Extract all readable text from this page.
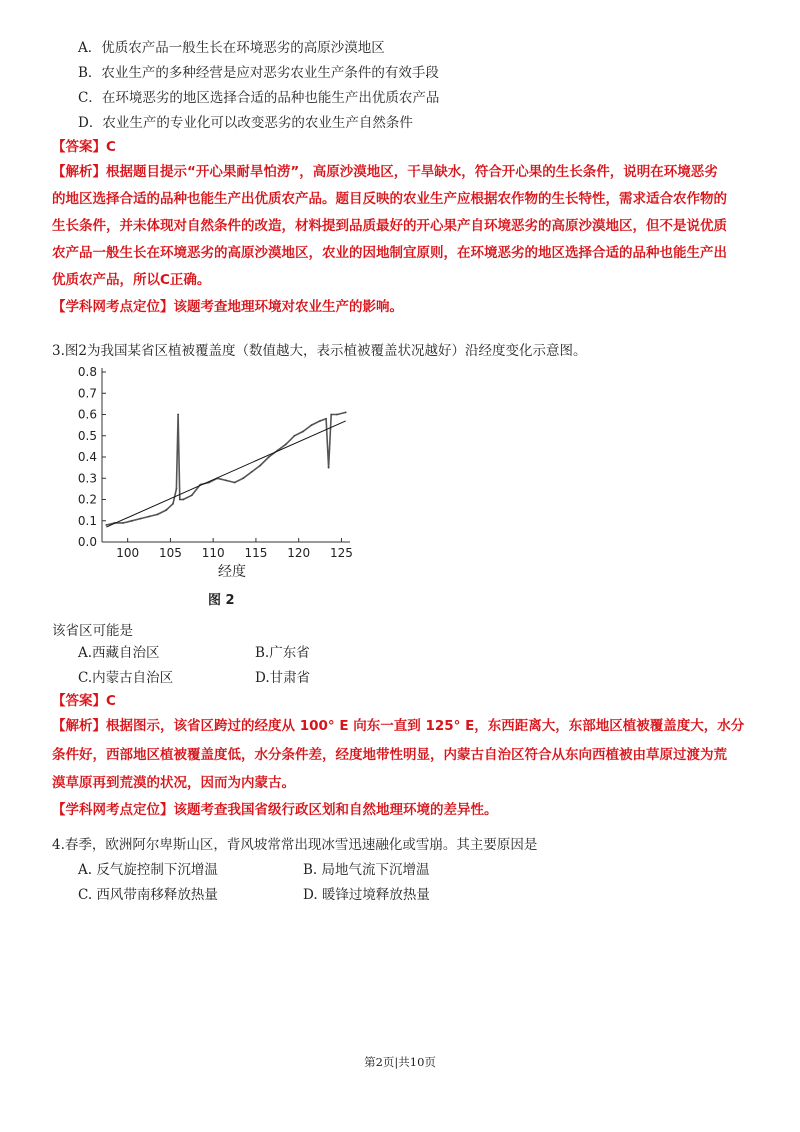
A．优质农产品一般生长在环境恶劣的高原沙漠地区
B．农业生产的多种经营是应对恶劣农业生产条件的有效手段
C．在环境恶劣的地区选择合适的品种也能生产出优质农产品
D．农业生产的专业化可以改变恶劣的农业生产自然条件
【答案】C
【解析】根据题目提示“开心果耐旱怕涝”，高原沙漠地区，干旱缺水，符合开心果的生长条件，说明在环境恶劣
的地区选择合适的品种也能生产出优质农产品。题目反映的农业生产应根据农作物的生长特性，需求适合农作物的
生长条件，并未体现对自然条件的改造，材料提到品质最好的开心果产自环境恶劣的高原沙漠地区，但不是说优质
农产品一般生长在环境恶劣的高原沙漠地区，农业的因地制宜原则，在环境恶劣的地区选择合适的品种也能生产出
优质农产品，所以C正确。
【学科网考点定位】该题考查地理环境对农业生产的影响。
3.图2为我国某省区植被覆盖度（数值越大，表示植被覆盖状况越好）沿经度变化示意图。
0.0
0.1
0.2
0.3
0.4
0.5
0.6
0.7
0.8
100 105 110 115 120 125
经度
图 2
该省区可能是
A.西藏自治区	B.广东省
C.内蒙古自治区	D.甘肃省
【答案】C
【解析】根据图示，该省区跨过的经度从 100° E 向东一直到 125° E，东西距离大，东部地区植被覆盖度大，水分
条件好，西部地区植被覆盖度低，水分条件差，经度地带性明显，内蒙古自治区符合从东向西植被由草原过渡为荒
漠草原再到荒漠的状况，因而为内蒙古。
【学科网考点定位】该题考查我国省级行政区划和自然地理环境的差异性。
4.春季，欧洲阿尔卑斯山区，背风坡常常出现冰雪迅速融化或雪崩。其主要原因是
A. 反气旋控制下沉增温	B. 局地气流下沉增温
C. 西风带南移释放热量	D. 暖锋过境释放热量
第2页|共10页
